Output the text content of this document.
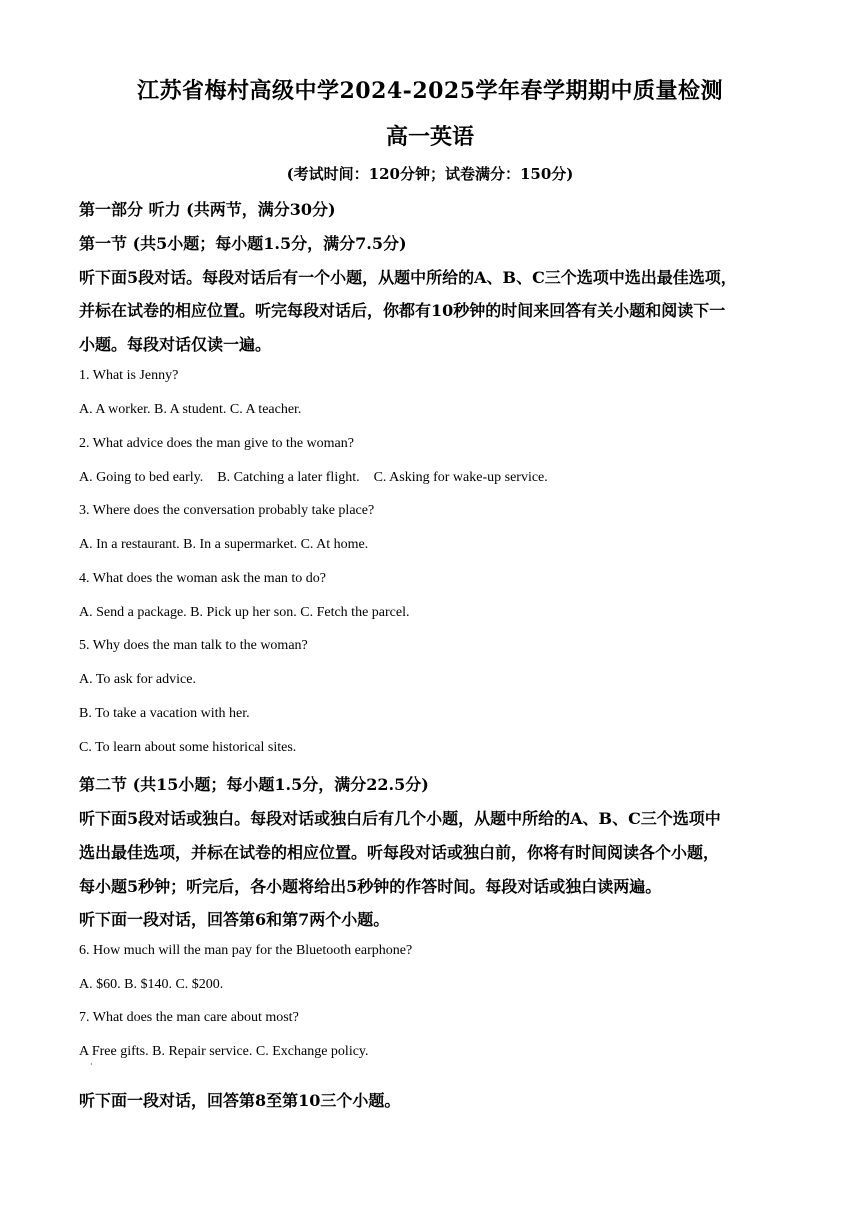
江苏省梅村高级中学2024-2025学年春学期期中质量检测
高一英语
(考试时间：120分钟；试卷满分：150分)
第一部分 听力 (共两节，满分30分)
第一节 (共5小题；每小题1.5分，满分7.5分)
听下面5段对话。每段对话后有一个小题，从题中所给的A、B、C三个选项中选出最佳选项，
并标在试卷的相应位置。听完每段对话后，你都有10秒钟的时间来回答有关小题和阅读下一
小题。每段对话仅读一遍。
1. What is Jenny?
A. A worker. B. A student. C. A teacher.
2. What advice does the man give to the woman?
A. Going to bed early. B. Catching a later flight. C. Asking for wake-up service.
3. Where does the conversation probably take place?
A. In a restaurant. B. In a supermarket. C. At home.
4. What does the woman ask the man to do?
A. Send a package. B. Pick up her son. C. Fetch the parcel.
5. Why does the man talk to the woman?
A. To ask for advice.
B. To take a vacation with her.
C. To learn about some historical sites.
第二节 (共15小题；每小题1.5分，满分22.5分)
听下面5段对话或独白。每段对话或独白后有几个小题，从题中所给的A、B、C三个选项中
选出最佳选项，并标在试卷的相应位置。听每段对话或独白前，你将有时间阅读各个小题，
每小题5秒钟；听完后，各小题将给出5秒钟的作答时间。每段对话或独白读两遍。
听下面一段对话，回答第6和第7两个小题。
6. How much will the man pay for the Bluetooth earphone?
A. $60. B. $140. C. $200.
7. What does the man care about most?
A Free gifts. B. Repair service. C. Exchange policy.
·
听下面一段对话，回答第8至第10三个小题。
